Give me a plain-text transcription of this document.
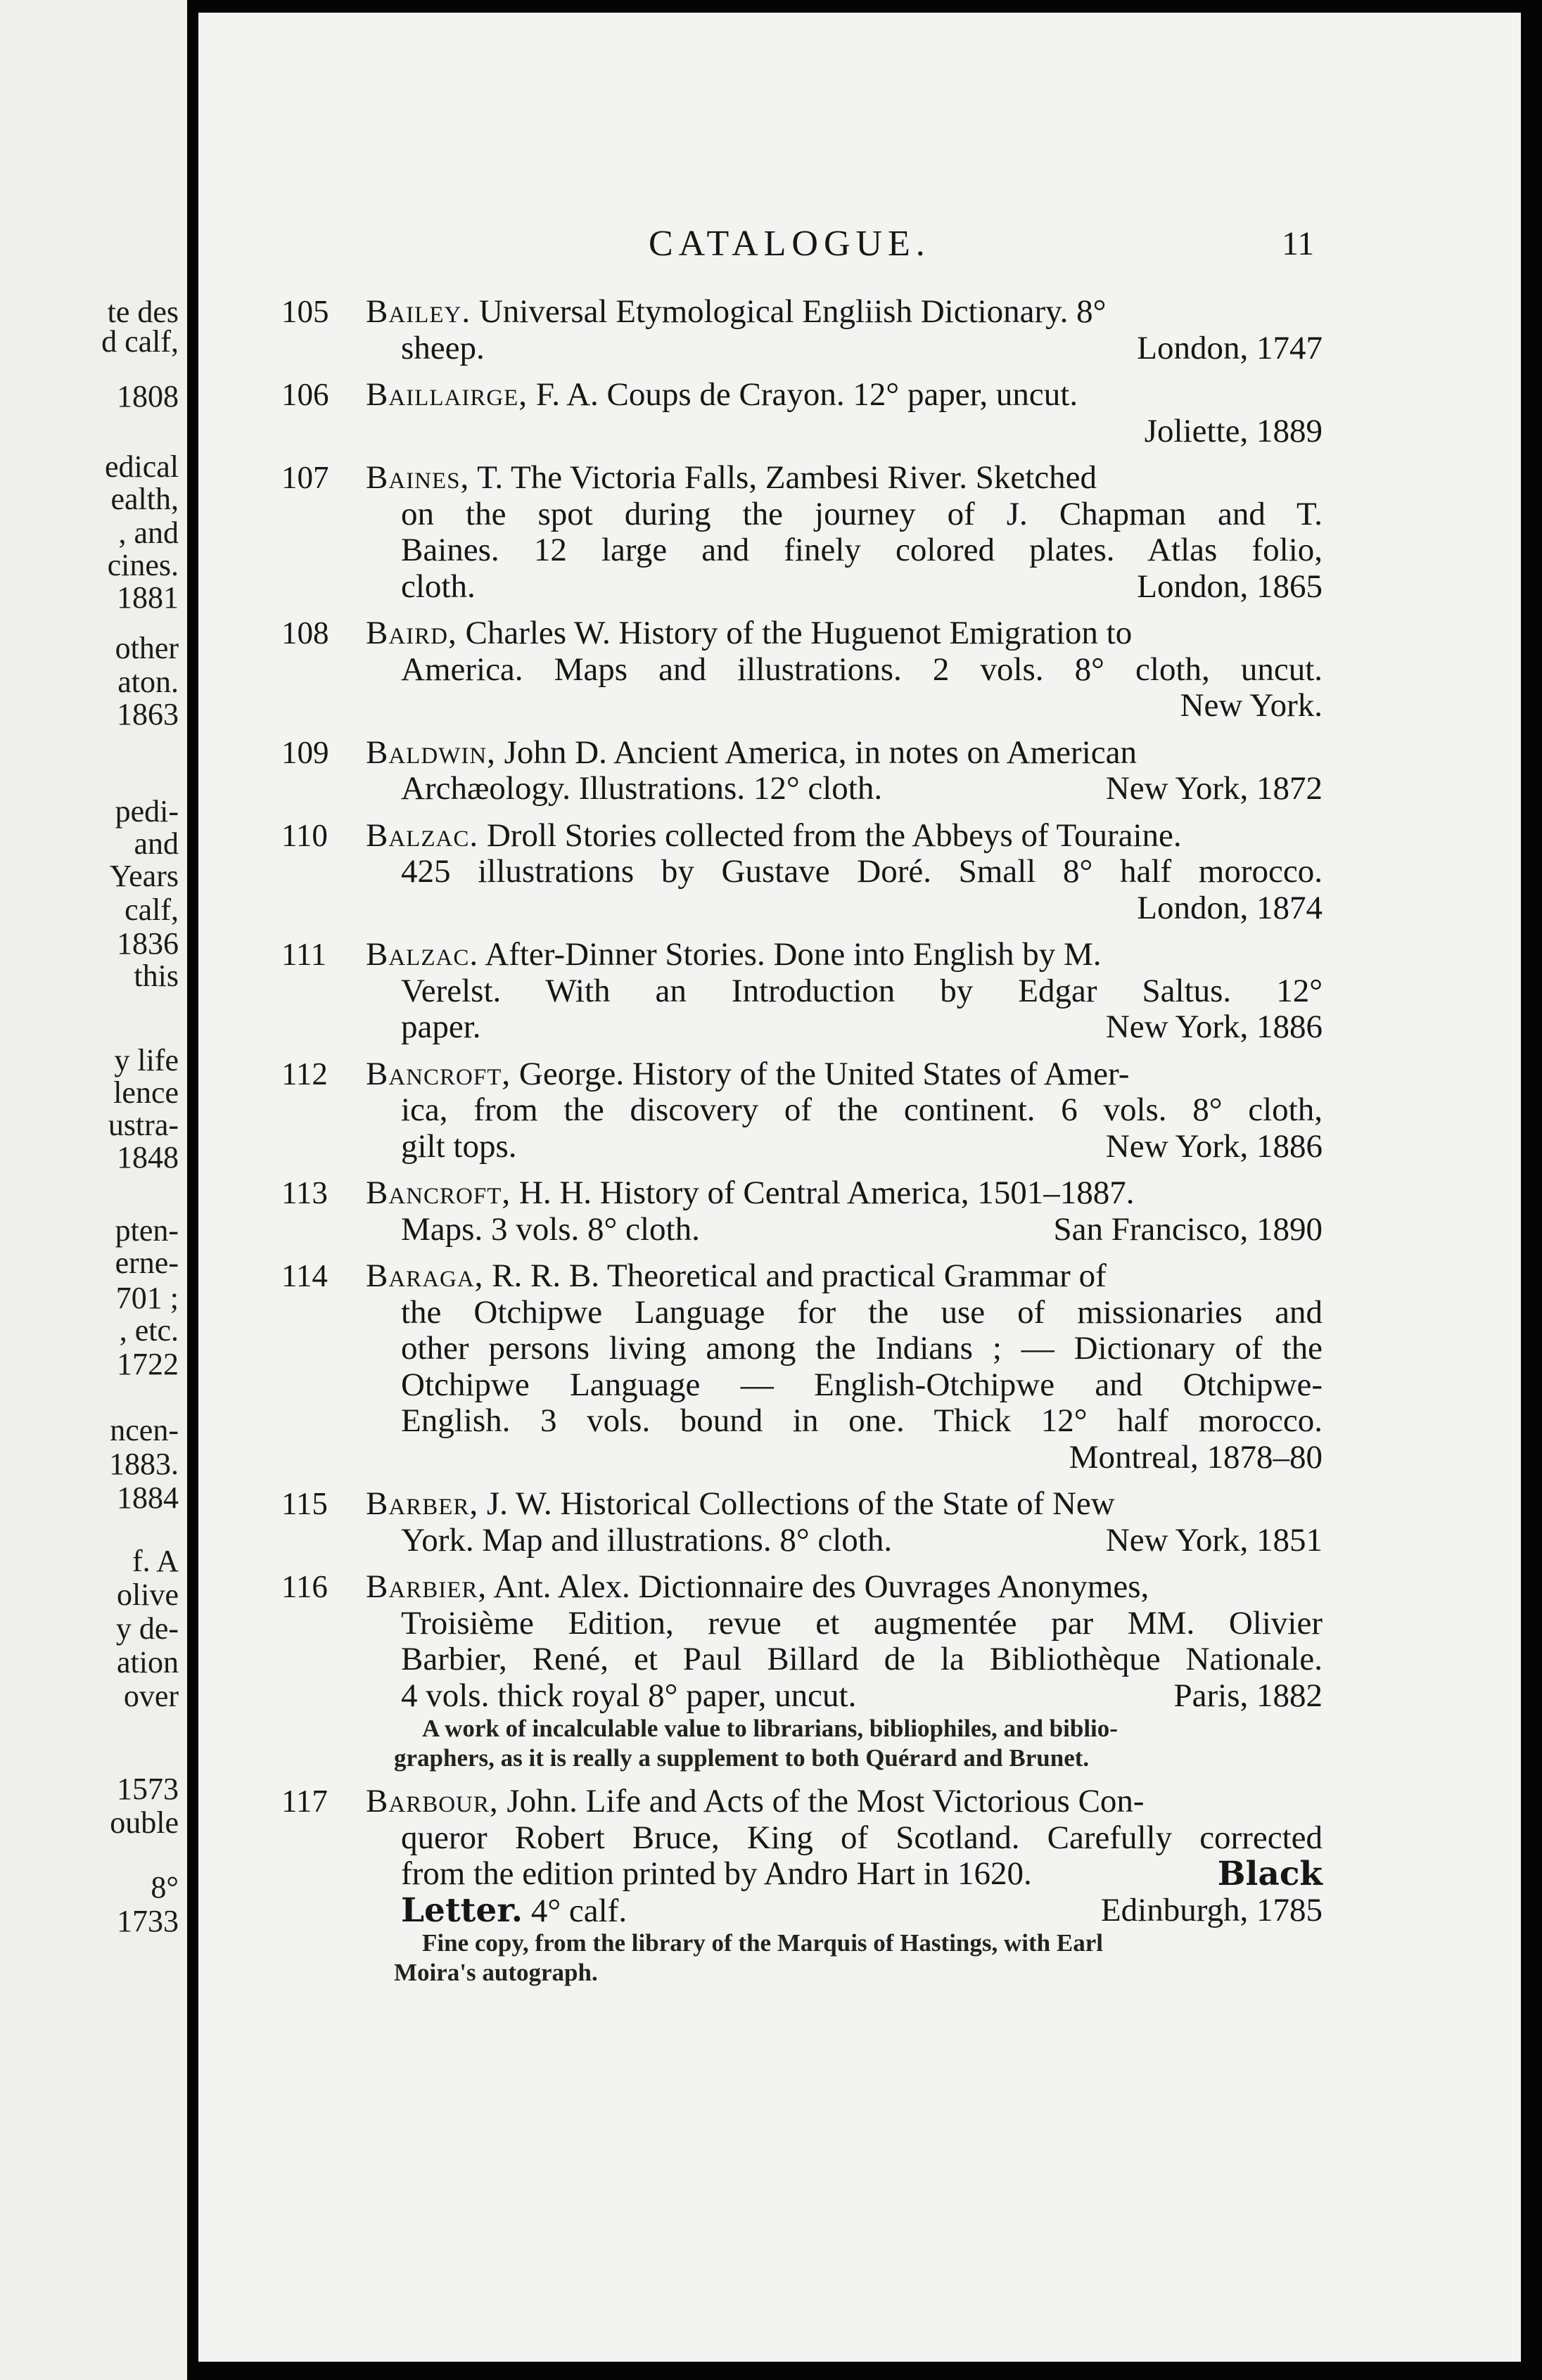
te des
d calf,
1808
edical
ealth,
, and
cines.
1881
other
aton.
1863
pedi-
and
Years
calf,
1836
this
y life
lence
ustra-
1848
pten-
erne-
701 ;
, etc.
1722
ncen-
1883.
1884
f. A
olive
y de-
ation
over
1573
ouble
8°
1733
CATALOGUE.	11
105	Bailey. Universal Etymological Engliish Dictionary. 8°
sheep.	London, 1747
106	Baillairge, F. A. Coups de Crayon. 12° paper, uncut.
Joliette, 1889
107	Baines, T. The Victoria Falls, Zambesi River. Sketched
on the spot during the journey of J. Chapman and T.
Baines. 12 large and finely colored plates. Atlas folio,
cloth.	London, 1865
108	Baird, Charles W. History of the Huguenot Emigration to
America. Maps and illustrations. 2 vols. 8° cloth, uncut.
New York.
109	Baldwin, John D. Ancient America, in notes on American
Archæology. Illustrations. 12° cloth.	New York, 1872
110	Balzac. Droll Stories collected from the Abbeys of Touraine.
425 illustrations by Gustave Doré. Small 8° half morocco.
London, 1874
111	Balzac. After-Dinner Stories. Done into English by M.
Verelst. With an Introduction by Edgar Saltus. 12°
paper.	New York, 1886
112	Bancroft, George. History of the United States of Amer-
ica, from the discovery of the continent. 6 vols. 8° cloth,
gilt tops.	New York, 1886
113	Bancroft, H. H. History of Central America, 1501–1887.
Maps. 3 vols. 8° cloth.	San Francisco, 1890
114	Baraga, R. R. B. Theoretical and practical Grammar of
the Otchipwe Language for the use of missionaries and
other persons living among the Indians ; — Dictionary of the
Otchipwe Language — English-Otchipwe and Otchipwe-
English. 3 vols. bound in one. Thick 12° half morocco.
Montreal, 1878–80
115	Barber, J. W. Historical Collections of the State of New
York. Map and illustrations. 8° cloth.	New York, 1851
116	Barbier, Ant. Alex. Dictionnaire des Ouvrages Anonymes,
Troisième Edition, revue et augmentée par MM. Olivier
Barbier, René, et Paul Billard de la Bibliothèque Nationale.
4 vols. thick royal 8° paper, uncut.	Paris, 1882
A work of incalculable value to librarians, bibliophiles, and biblio-
graphers, as it is really a supplement to both Quérard and Brunet.
117	Barbour, John. Life and Acts of the Most Victorious Con-
queror Robert Bruce, King of Scotland. Carefully corrected
from the edition printed by Andro Hart in 1620.	Black
Letter. 4° calf.	Edinburgh, 1785
Fine copy, from the library of the Marquis of Hastings, with Earl
Moira's autograph.
